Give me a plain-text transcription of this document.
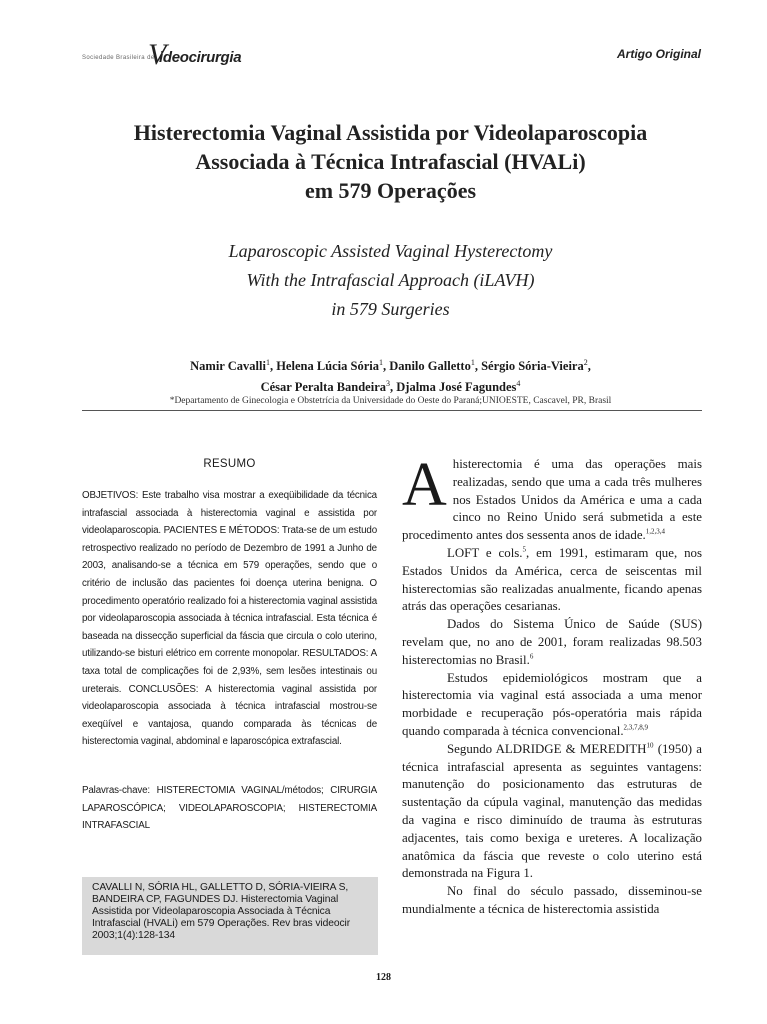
Sociedade Brasileira de
V
ideocirurgia	Artigo Original
Histerectomia Vaginal Assistida por Videolaparoscopia
Associada à Técnica Intrafascial (HVALi)
em 579 Operações
Laparoscopic Assisted Vaginal Hysterectomy
With the Intrafascial Approach (iLAVH)
in 579 Surgeries
Namir Cavalli$^1$, Helena Lúcia Sória$^1$, Danilo Galletto$^1$, Sérgio Sória-Vieira$^2$,
César Peralta Bandeira$^3$, Djalma José Fagundes$^4$
*Departamento de Ginecologia e Obstetrícia da Universidade do Oeste do Paraná;UNIOESTE, Cascavel, PR, Brasil
RESUMO
OBJETIVOS: Este trabalho visa mostrar a exeqüibilidade da técnica intrafascial associada à histerectomia vaginal e assistida por videolaparoscopia. PACIENTES E MÉTODOS: Trata-se de um estudo retrospectivo realizado no período de Dezembro de 1991 a Junho de 2003, analisando-se a técnica em 579 operações, sendo que o critério de inclusão das pacientes foi doença uterina benigna. O procedimento operatório realizado foi a histerectomia vaginal assistida por videolaparoscopia associada à técnica intrafascial. Esta técnica é baseada na dissecção superficial da fáscia que circula o colo uterino, utilizando-se bisturi elétrico em corrente monopolar. RESULTADOS: A taxa total de complicações foi de 2,93%, sem lesões intestinais ou ureterais. CONCLUSÕES: A histerectomia vaginal assistida por videolaparoscopia associada à técnica intrafascial mostrou-se exeqüível e vantajosa, quando comparada às técnicas de histerectomia vaginal, abdominal e laparoscópica extrafascial.
Palavras-chave: HISTERECTOMIA VAGINAL/métodos; CIRURGIA LAPAROSCÓPICA; VIDEOLAPAROSCOPIA; HISTERECTOMIA INTRAFASCIAL
CAVALLI N, SÓRIA HL, GALLETTO D, SÓRIA-VIEIRA S, BANDEIRA CP, FAGUNDES DJ. Histerectomia Vaginal Assistida por Videolaparoscopia Associada à Técnica Intrafascial (HVALi) em 579 Operações. Rev bras videocir 2003;1(4):128-134

Ahisterectomia é uma das operações mais realizadas, sendo que uma a cada três mulheres nos Estados Unidos da América e uma a cada cinco no Reino Unido será submetida a este procedimento antes dos sessenta anos de idade.$^{1,2,3,4}$

LOFT e cols.$^5$, em 1991, estimaram que, nos Estados Unidos da América, cerca de seiscentas mil histerectomias são realizadas anualmente, ficando apenas atrás das operações cesarianas.

Dados do Sistema Único de Saúde (SUS) revelam que, no ano de 2001, foram realizadas 98.503 histerectomias no Brasil.$^6$

Estudos epidemiológicos mostram que a histerectomia via vaginal está associada a uma menor morbidade e recuperação pós-operatória mais rápida quando comparada à técnica convencional.$^{2,3,7,8,9}$

Segundo ALDRIDGE & MEREDITH$^{10}$ (1950) a técnica intrafascial apresenta as seguintes vantagens: manutenção do posicionamento das estruturas de sustentação da cúpula vaginal, manutenção das medidas da vagina e risco diminuído de trauma às estruturas adjacentes, tais como bexiga e ureteres. A localização anatômica da fáscia que reveste o colo uterino está demonstrada na Figura 1.

No final do século passado, disseminou-se mundialmente a técnica de histerectomia assistida

128
